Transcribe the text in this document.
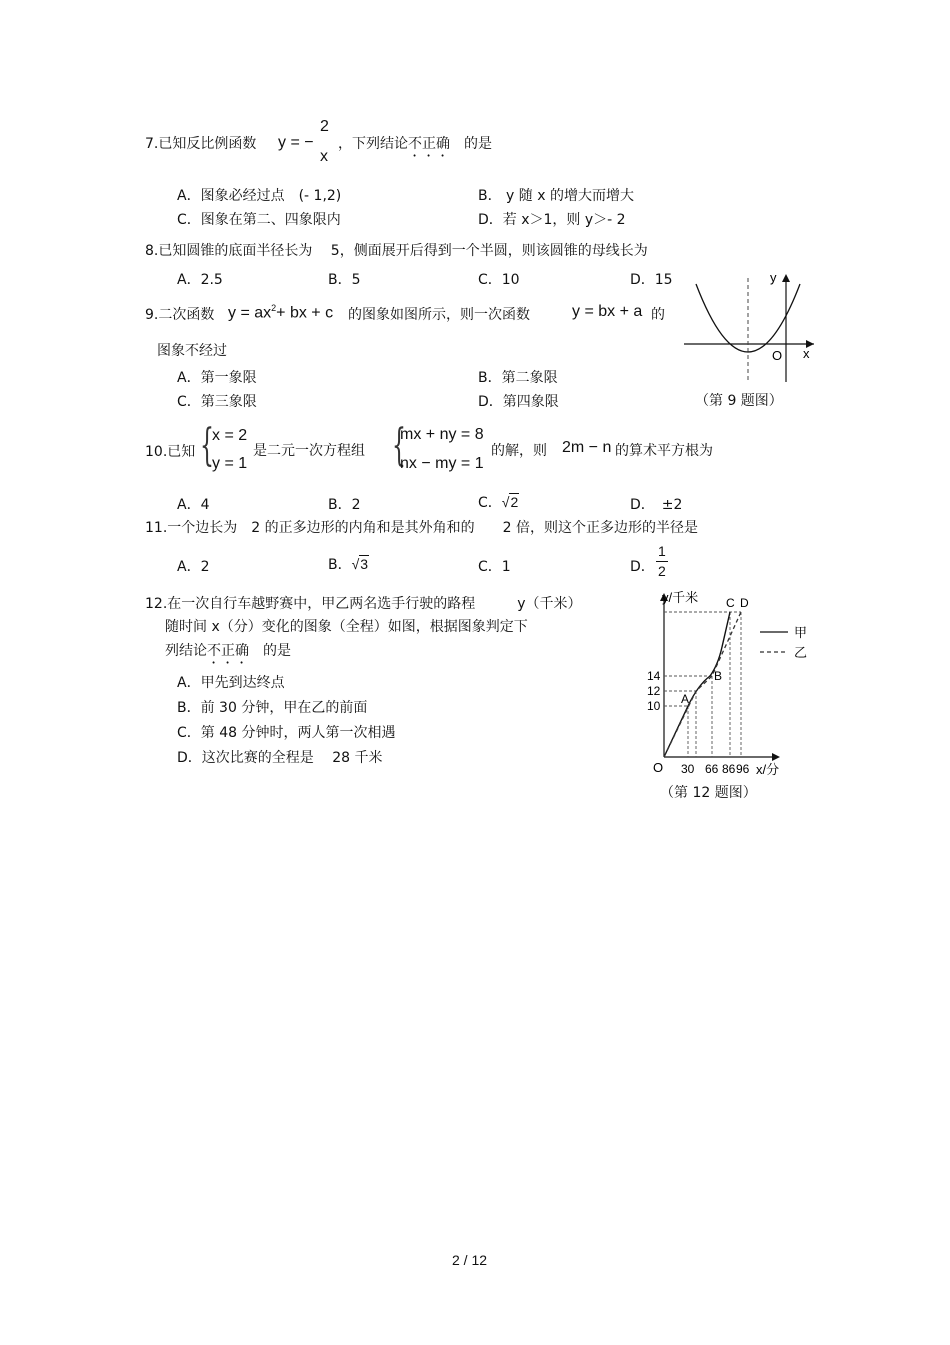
7.已知反比例函数 y = −
2
x
，下列结论不正确　 的是
A．图象必经过点　(- 1,2)	B． y 随 x 的增大而增大
C．图象在第二、四象限内	D．若 x＞1，则 y＞- 2
8.已知圆锥的底面半径长为　 5，侧面展开后得到一个半圆，则该圆锥的母线长为
A．2.5	B．5	C．10	D．15
9.二次函数 $y = ax^2+$ bx + c 的图象如图所示，则一次函数	y = bx + a 的
图象不经过
A．第一象限	B．第二象限
C．第三象限	D．第四象限
y
x
O
（第 9 题图）
10.已知 {
x = 2
y = 1
是二元一次方程组 {
mx + ny = 8
nx − my = 1
的解，则 2m − n 的算术平方根为
A．4	B．2	C．√2	D．　±2
11.一个边长为　2 的正多边形的内角和是其外角和的　　2 倍，则这个正多边形的半径是
A．2	B．√3	C．1	D．
1
2
12.在一次自行车越野赛中，甲乙两名选手行驶的路程　　　y（千米）
随时间 x（分）变化的图象（全程）如图，根据图象判定下
列结论不正确　 的是
A．甲先到达终点
B．前 30 分钟，甲在乙的前面
C．第 48 分钟时，两人第一次相遇
D．这次比赛的全程是　 28 千米
y/千米
x/分
O
14
12
10
30 66 86 96
A
B
C D
甲
乙
（第 12 题图）
2 / 12
